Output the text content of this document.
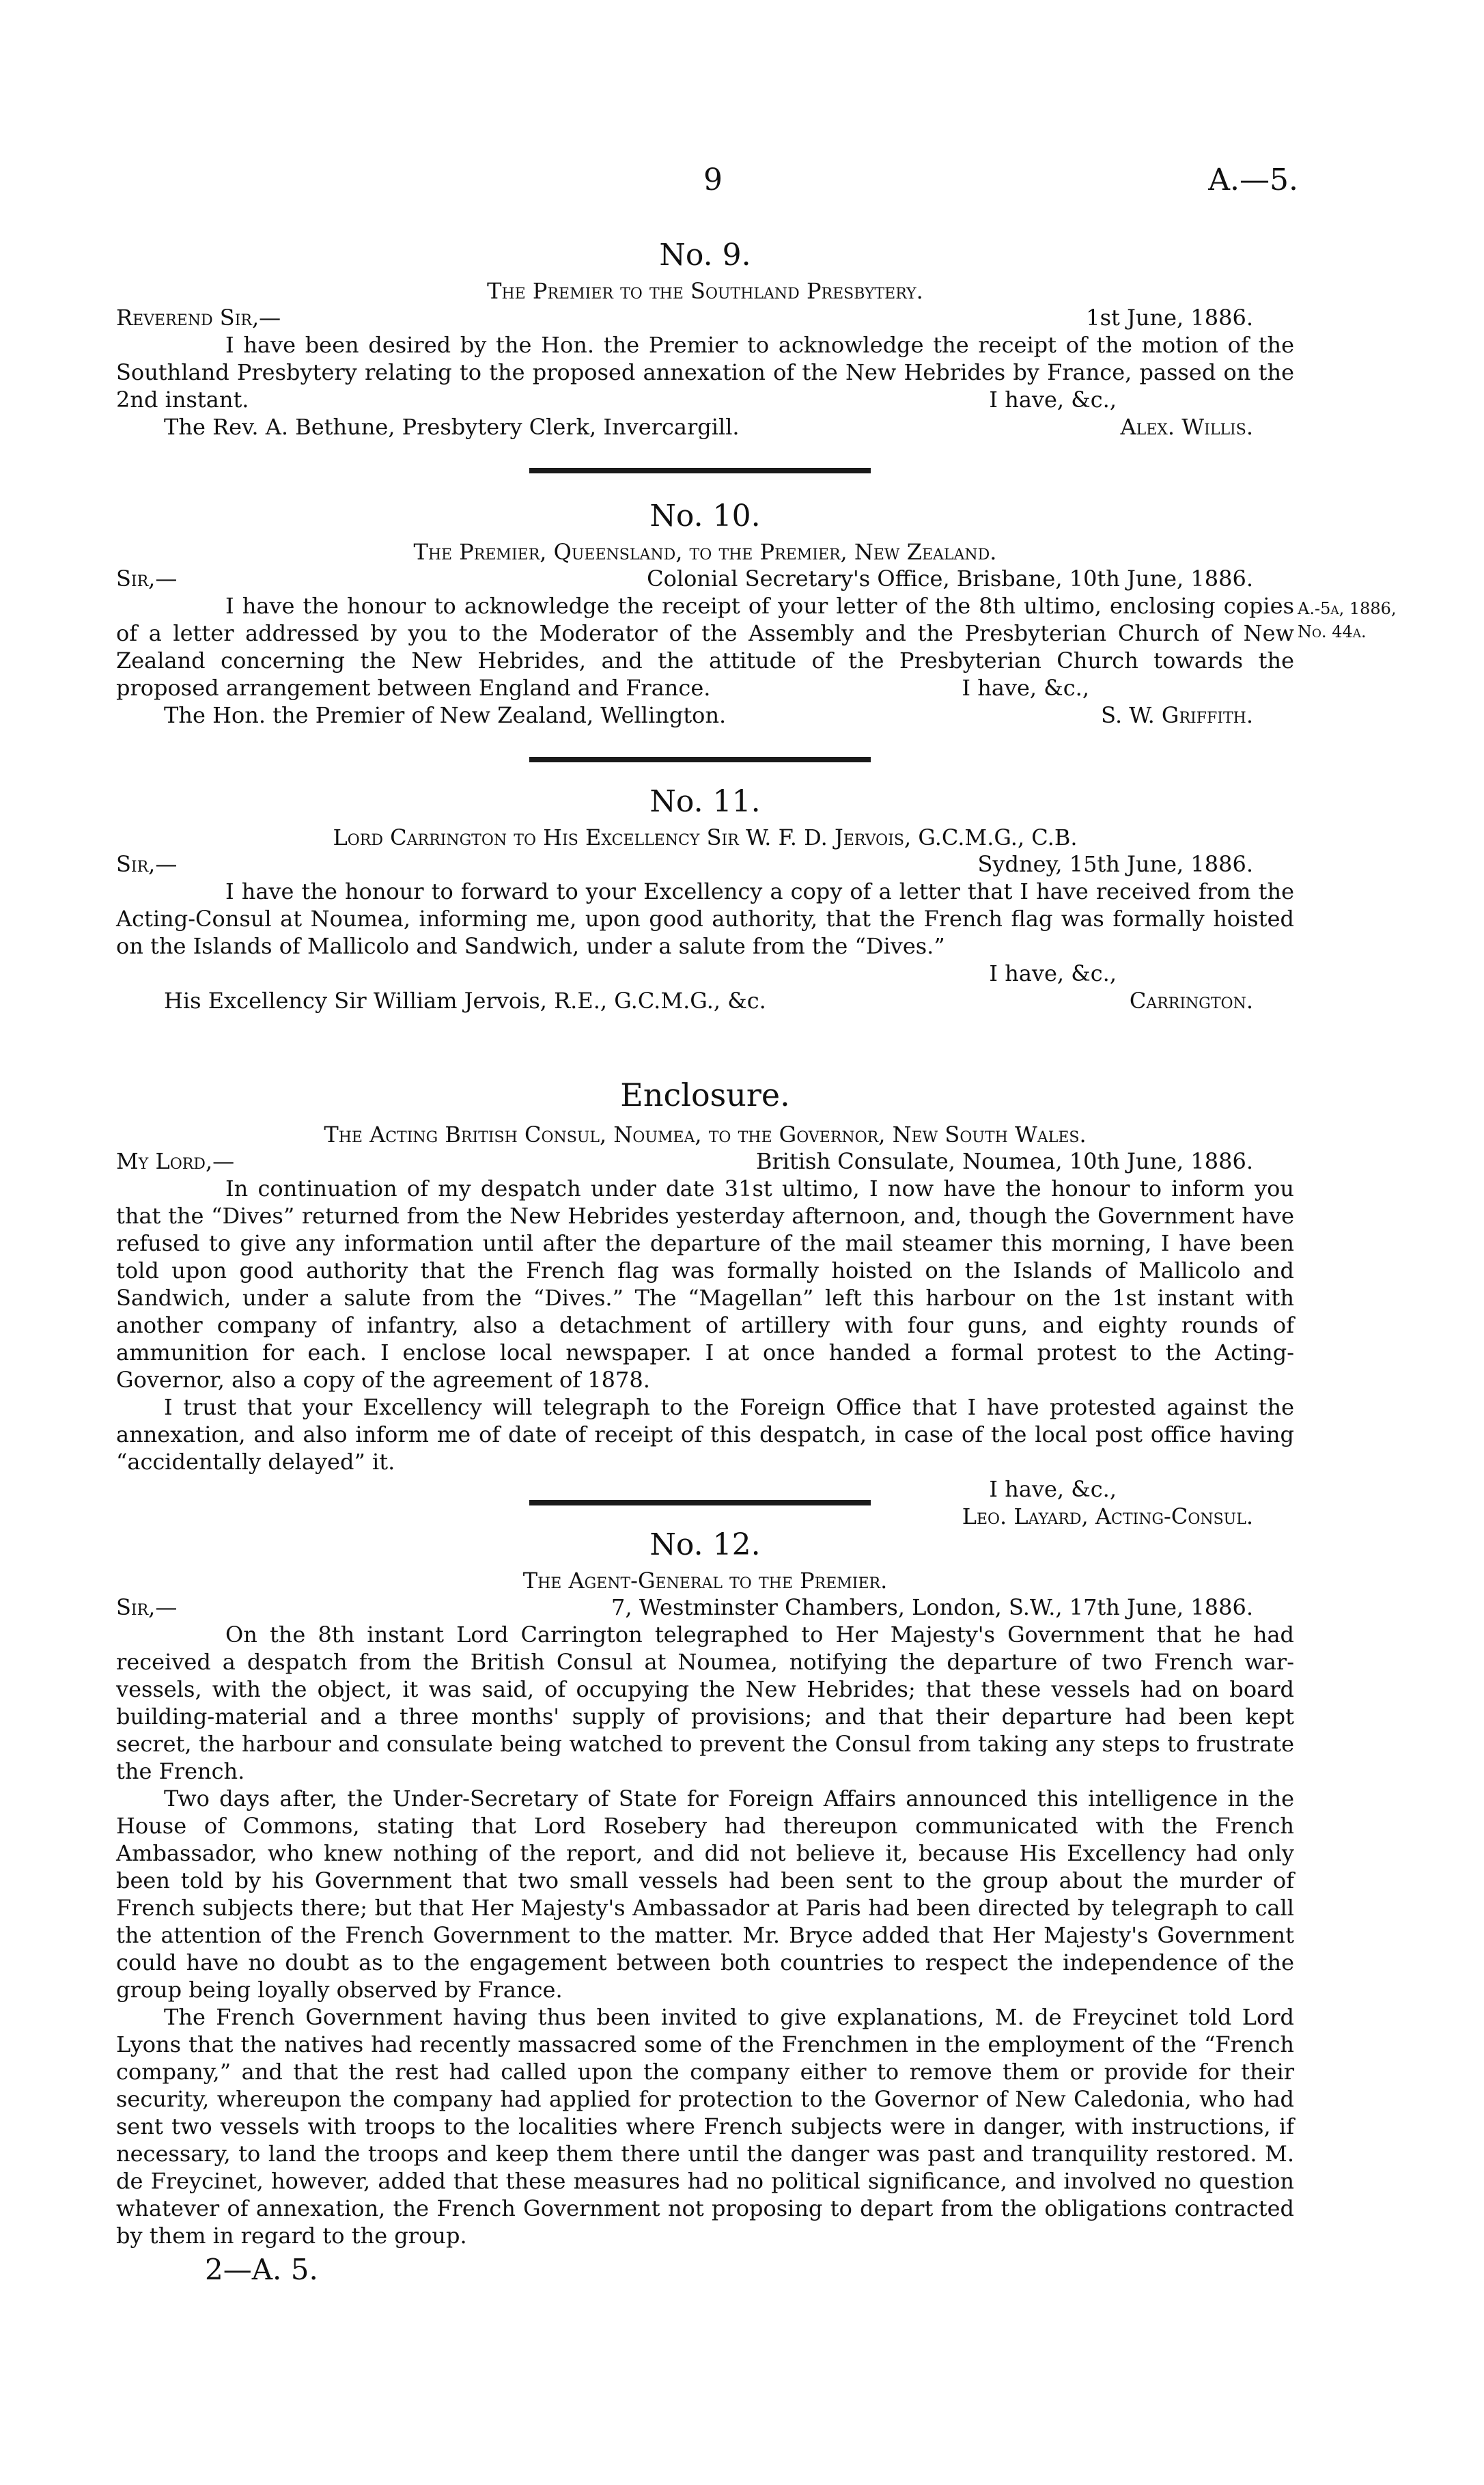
9	A.—5.
No. 9.
The Premier to the Southland Presbytery.
Reverend Sir,—	1st June, 1886.

I have been desired by the Hon. the Premier to acknowledge the receipt of the motion of the Southland Presbytery relating to the proposed annexation of the New Hebrides by France, passed on the 2nd instant.	I have, &c.,

The Rev. A. Bethune, Presbytery Clerk, Invercargill.	Alex. Willis.
No. 10.
The Premier, Queensland, to the Premier, New Zealand.
Sir,—	Colonial Secretary's Office, Brisbane, 10th June, 1886.

I have the honour to acknowledge the receipt of your letter of the 8th ultimo, enclosing copies of a letter addressed by you to the Moderator of the Assembly and the Presbyterian Church of New Zealand concerning the New Hebrides, and the attitude of the Presbyterian Church towards the proposed arrangement between England and France.	I have, &c.,

The Hon. the Premier of New Zealand, Wellington.	S. W. Griffith.
A.-5a, 1886,
No. 44a.
No. 11.
Lord Carrington to His Excellency Sir W. F. D. Jervois, G.C.M.G., C.B.
Sir,—	Sydney, 15th June, 1886.

I have the honour to forward to your Excellency a copy of a letter that I have received from the Acting-Consul at Noumea, informing me, upon good authority, that the French flag was formally hoisted on the Islands of Mallicolo and Sandwich, under a salute from the “Dives.”

I have, &c.,

His Excellency Sir William Jervois, R.E., G.C.M.G., &c.	Carrington.
Enclosure.
The Acting British Consul, Noumea, to the Governor, New South Wales.
My Lord,—	British Consulate, Noumea, 10th June, 1886.

In continuation of my despatch under date 31st ultimo, I now have the honour to inform you that the “Dives” returned from the New Hebrides yesterday afternoon, and, though the Government have refused to give any information until after the departure of the mail steamer this morning, I have been told upon good authority that the French flag was formally hoisted on the Islands of Mallicolo and Sandwich, under a salute from the “Dives.” The “Magellan” left this harbour on the 1st instant with another company of infantry, also a detachment of artillery with four guns, and eighty rounds of ammunition for each. I enclose local newspaper. I at once handed a formal protest to the Acting-Governor, also a copy of the agreement of 1878.

I trust that your Excellency will telegraph to the Foreign Office that I have protested against the annexation, and also inform me of date of receipt of this despatch, in case of the local post office having “accidentally delayed” it.

I have, &c.,

Leo. Layard, Acting-Consul.

No. 12.
The Agent-General to the Premier.
Sir,—	7, Westminster Chambers, London, S.W., 17th June, 1886.

On the 8th instant Lord Carrington telegraphed to Her Majesty's Government that he had received a despatch from the British Consul at Noumea, notifying the departure of two French war-vessels, with the object, it was said, of occupying the New Hebrides; that these vessels had on board building-material and a three months' supply of provisions; and that their departure had been kept secret, the harbour and consulate being watched to prevent the Consul from taking any steps to frustrate the French.

Two days after, the Under-Secretary of State for Foreign Affairs announced this intelligence in the House of Commons, stating that Lord Rosebery had thereupon communicated with the French Ambassador, who knew nothing of the report, and did not believe it, because His Excellency had only been told by his Government that two small vessels had been sent to the group about the murder of French subjects there; but that Her Majesty's Ambassador at Paris had been directed by telegraph to call the attention of the French Government to the matter. Mr. Bryce added that Her Majesty's Government could have no doubt as to the engagement between both countries to respect the independence of the group being loyally observed by France.

The French Government having thus been invited to give explanations, M. de Freycinet told Lord Lyons that the natives had recently massacred some of the Frenchmen in the employment of the “French company,” and that the rest had called upon the company either to remove them or provide for their security, whereupon the company had applied for protection to the Governor of New Caledonia, who had sent two vessels with troops to the localities where French subjects were in danger, with instructions, if necessary, to land the troops and keep them there until the danger was past and tranquility restored. M. de Freycinet, however, added that these measures had no political significance, and involved no question whatever of annexation, the French Government not proposing to depart from the obligations contracted by them in regard to the group.

2—A. 5.
